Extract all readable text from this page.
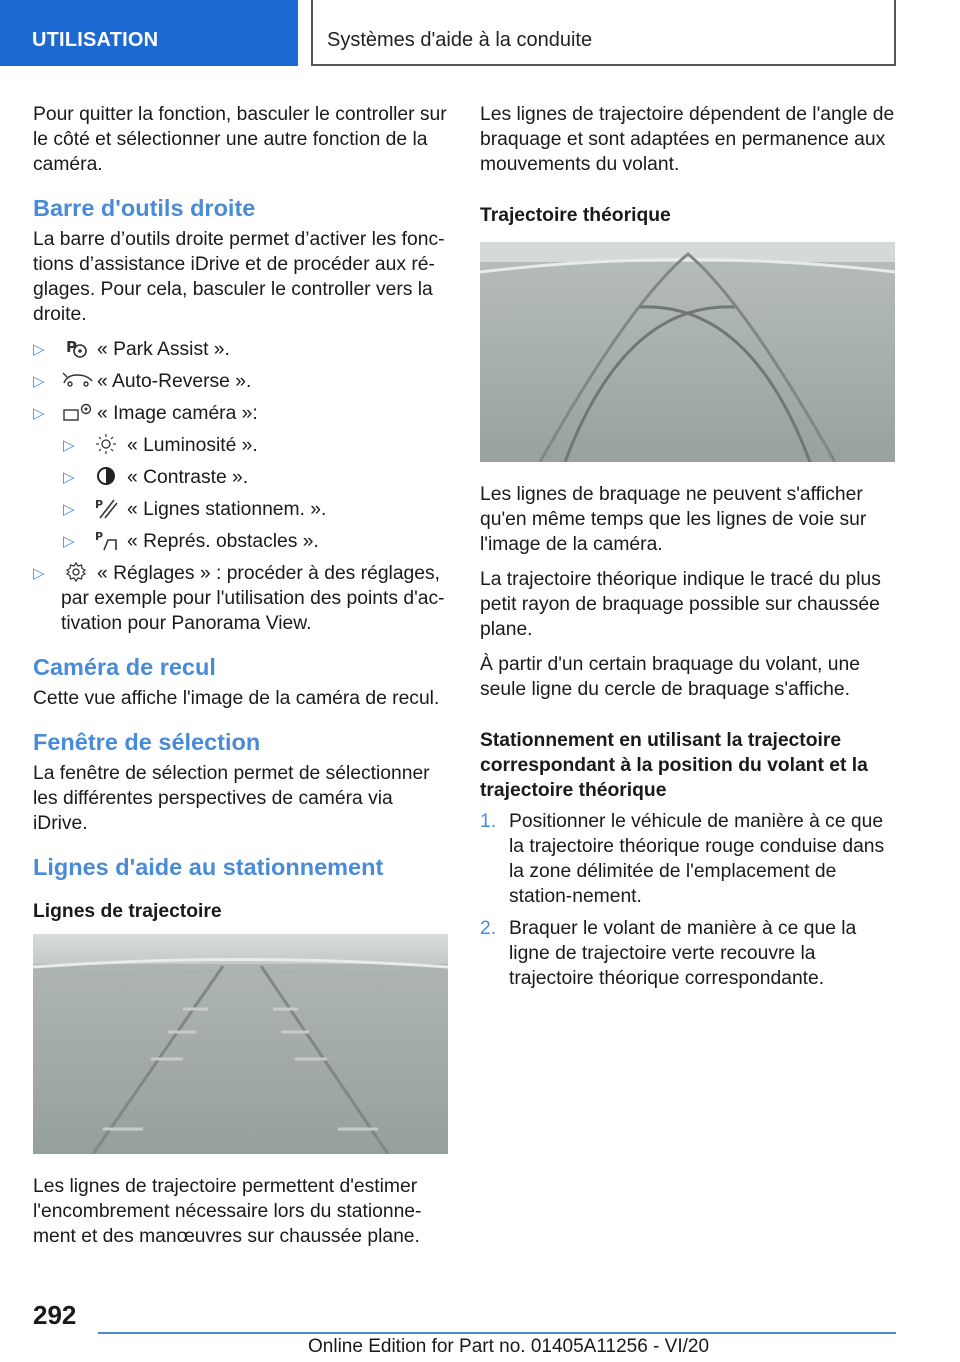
UTILISATION	Systèmes d'aide à la conduite

Pour quitter la fonction, basculer le controller sur le côté et sélectionner une autre fonction de la caméra.

Barre d'outils droite

La barre d’outils droite permet d’activer les fonc‐tions d’assistance iDrive et de procéder aux ré‐glages. Pour cela, basculer le controller vers la droite.

▷ P « Park Assist ».
▷	« Auto-Reverse ».
▷	« Image caméra »:
▷	« Luminosité ».
▷	« Contraste ».
▷ P « Lignes stationnem. ».
▷ P « Représ. obstacles ».
▷	« Réglages » : procéder à des réglages, par exemple pour l'utilisation des points d'ac‐tivation pour Panorama View.
Caméra de recul

Cette vue affiche l'image de la caméra de recul.

Fenêtre de sélection

La fenêtre de sélection permet de sélectionner les différentes perspectives de caméra via iDrive.

Lignes d'aide au stationnement
Lignes de trajectoire

Les lignes de trajectoire permettent d'estimer l'encombrement nécessaire lors du stationne‐ment et des manœuvres sur chaussée plane.

Les lignes de trajectoire dépendent de l'angle de braquage et sont adaptées en permanence aux mouvements du volant.

Trajectoire théorique

Les lignes de braquage ne peuvent s'afficher qu'en même temps que les lignes de voie sur l'image de la caméra.

La trajectoire théorique indique le tracé du plus petit rayon de braquage possible sur chaussée plane.

À partir d'un certain braquage du volant, une seule ligne du cercle de braquage s'affiche.

Stationnement en utilisant la trajectoire correspondant à la position du volant et la trajectoire théorique
1. Positionner le véhicule de manière à ce que la trajectoire théorique rouge conduise dans la zone délimitée de l'emplacement de station‐nement.
2. Braquer le volant de manière à ce que la ligne de trajectoire verte recouvre la trajectoire théorique correspondante.
292
Online Edition for Part no. 01405A11256 - VI/20
